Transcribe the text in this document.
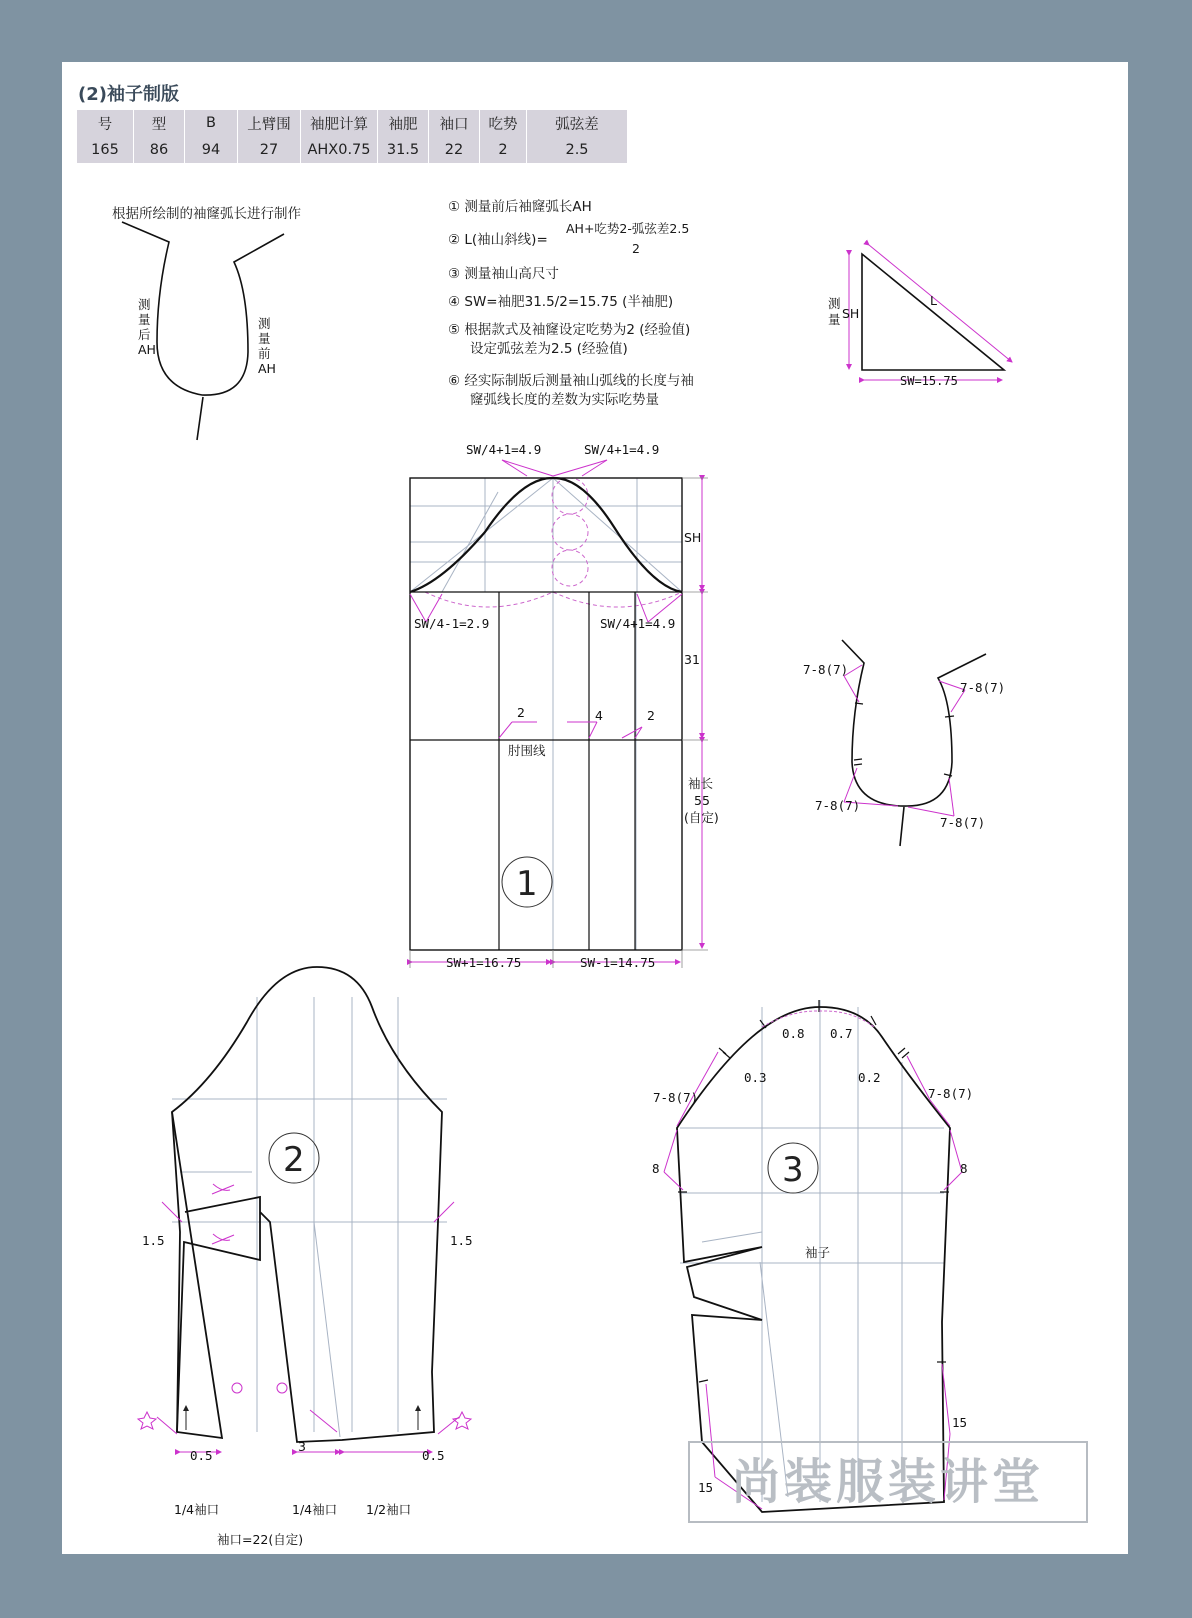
(2)袖子制版
号	型	B	上臂围	袖肥计算	袖肥	袖口	吃势	弧弦差
165	86	94	27	AHX0.75	31.5	22	2	2.5
根据所绘制的袖窿弧长进行制作	① 测量前后袖窿弧长AH
② L(袖山斜线)=
AH+吃势2-弧弦差2.5
2
③ 测量袖山高尺寸
④ SW=袖肥31.5/2=15.75 (半袖肥)
⑤ 根据款式及袖窿设定吃势为2 (经验值)
设定弧弦差为2.5 (经验值)
⑥ 经实际制版后测量袖山弧线的长度与袖
窿弧线长度的差数为实际吃势量
测
量
后
AH
测
量
前
AH
测
量 SH
L
SW=15.75
SW/4+1=4.9	SW/4+1=4.9
SW/4-1=2.9	SW/4+1=4.9
SH
31
肘围线
2	4	2
袖长
55
(自定)
1
SW+1=16.75	SW-1=14.75
7-8(7)
7-8(7)
7-8(7)
7-8(7)
2
1.5	1.5
0.5	0.5
3
1/4袖口	1/4袖口 1/2袖口
袖口=22(自定)
3
袖子
0.8 0.7
0.3	0.2
7-8(7)	7-8(7)
8	8
15
15
尚装服装讲堂
